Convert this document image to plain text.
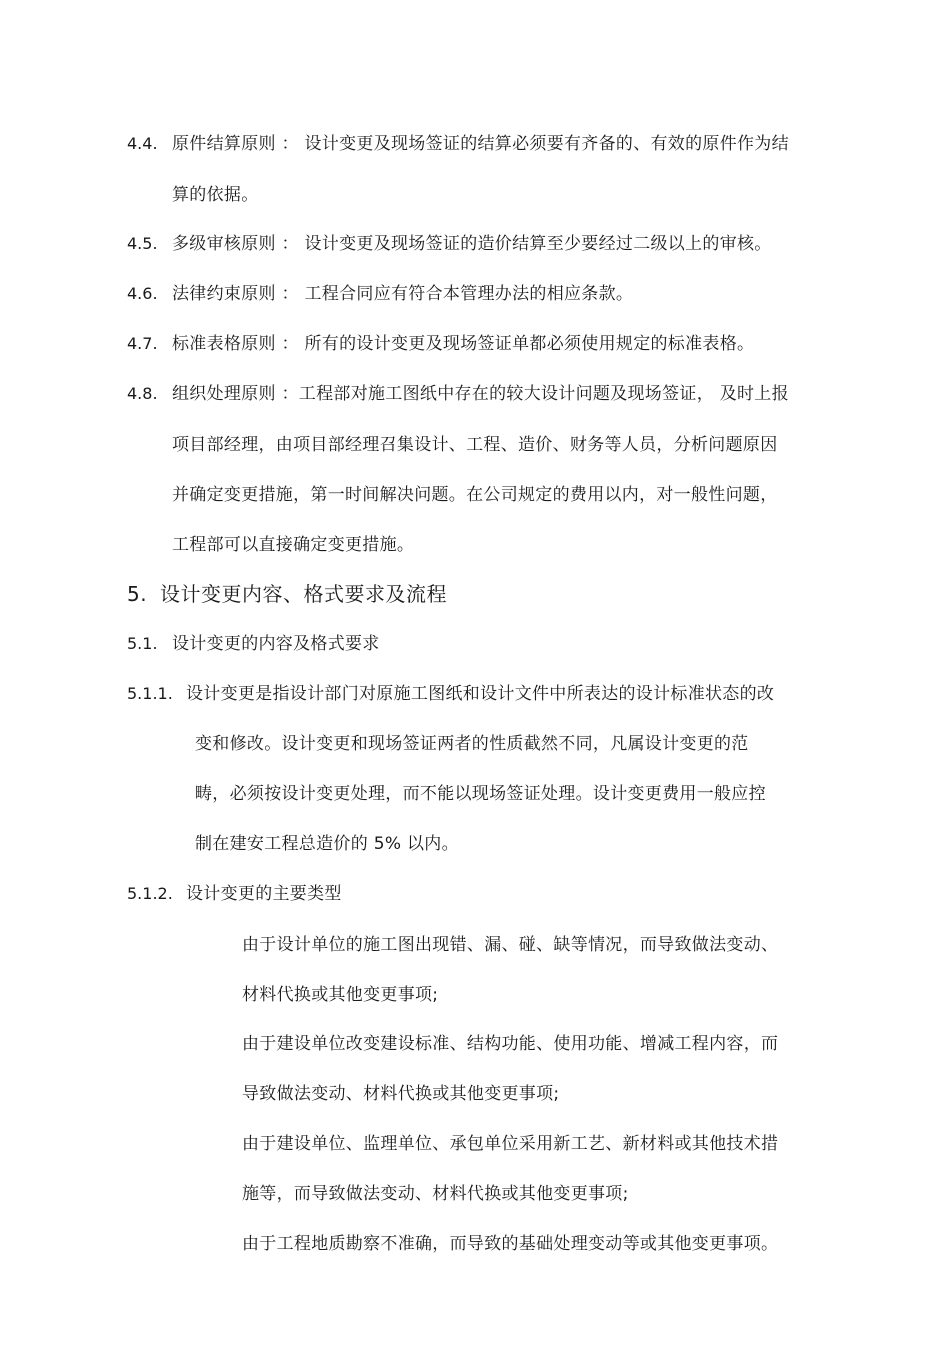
4.4. 原件结算原则 ： 设计变更及现场签证的结算必须要有齐备的、有效的原件作为结
算的依据。
4.5. 多级审核原则 ： 设计变更及现场签证的造价结算至少要经过二级以上的审核。
4.6. 法律约束原则 ： 工程合同应有符合本管理办法的相应条款。
4.7. 标准表格原则 ： 所有的设计变更及现场签证单都必须使用规定的标准表格。
4.8. 组织处理原则 ：工程部对施工图纸中存在的较大设计问题及现场签证， 及时上报
项目部经理，由项目部经理召集设计、工程、造价、财务等人员，分析问题原因
并确定变更措施，第一时间解决问题。在公司规定的费用以内，对一般性问题，
工程部可以直接确定变更措施。
5. 设计变更内容、格式要求及流程
5.1. 设计变更的内容及格式要求
5.1.1. 设计变更是指设计部门对原施工图纸和设计文件中所表达的设计标准状态的改
变和修改。设计变更和现场签证两者的性质截然不同，凡属设计变更的范
畴，必须按设计变更处理，而不能以现场签证处理。设计变更费用一般应控
制在建安工程总造价的 5% 以内。
5.1.2. 设计变更的主要类型
由于设计单位的施工图出现错、漏、碰、缺等情况，而导致做法变动、
材料代换或其他变更事项;
由于建设单位改变建设标准、结构功能、使用功能、增减工程内容，而
导致做法变动、材料代换或其他变更事项;
由于建设单位、监理单位、承包单位采用新工艺、新材料或其他技术措
施等，而导致做法变动、材料代换或其他变更事项;
由于工程地质勘察不准确，而导致的基础处理变动等或其他变更事项。
